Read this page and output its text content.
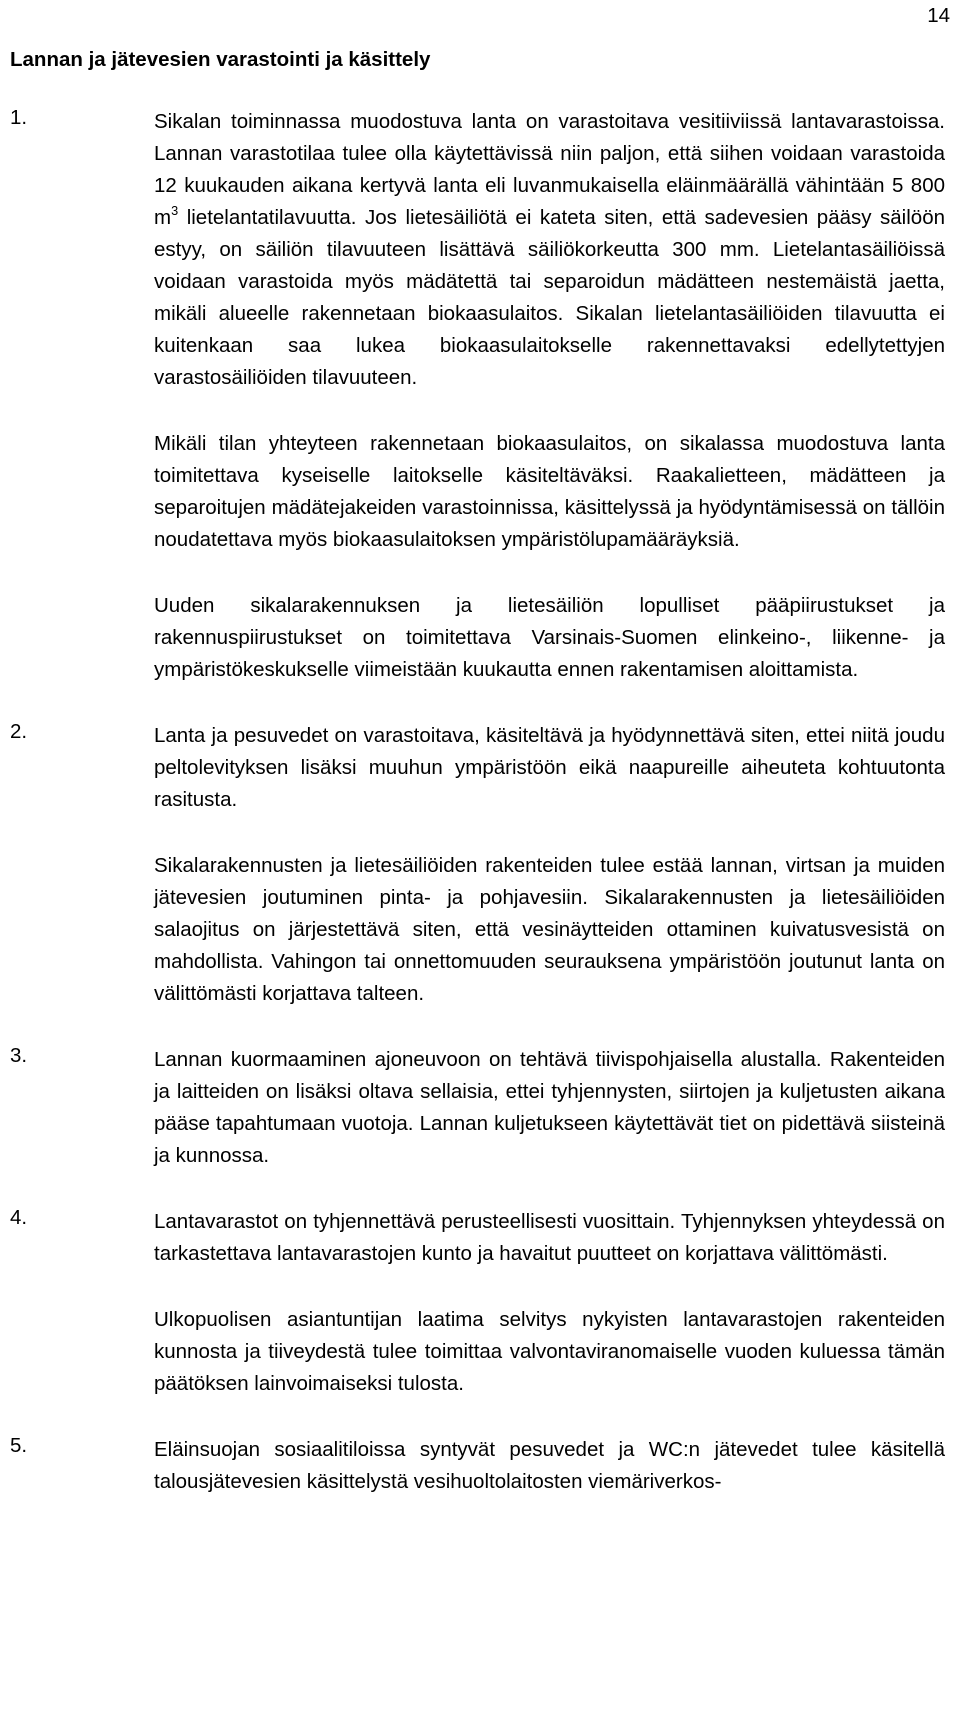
14
Lannan ja jätevesien varastointi ja käsittely
1.	Sikalan toiminnassa muodostuva lanta on varastoitava vesitiiviissä lantavarastoissa. Lannan varastotilaa tulee olla käytettävissä niin paljon, että siihen voidaan varastoida 12 kuukauden aikana kertyvä lanta eli luvanmukaisella eläinmäärällä vähintään 5 800 $m^3$ lietelantatilavuutta. Jos lietesäiliötä ei kateta siten, että sadevesien pääsy säilöön estyy, on säiliön tilavuuteen lisättävä säiliökorkeutta 300 mm. Lietelantasäiliöissä voidaan varastoida myös mädätettä tai separoidun mädätteen nestemäistä jaetta, mikäli alueelle rakennetaan biokaasulaitos. Sikalan lietelantasäiliöiden tilavuutta ei kuitenkaan saa lukea biokaasulaitokselle rakennettavaksi edellytettyjen varastosäiliöiden tilavuuteen.

Mikäli tilan yhteyteen rakennetaan biokaasulaitos, on sikalassa muodostuva lanta toimitettava kyseiselle laitokselle käsiteltäväksi. Raakalietteen, mädätteen ja separoitujen mädätejakeiden varastoinnissa, käsittelyssä ja hyödyntämisessä on tällöin noudatettava myös biokaasulaitoksen ympäristölupamääräyksiä.

Uuden sikalarakennuksen ja lietesäiliön lopulliset pääpiirustukset ja rakennuspiirustukset on toimitettava Varsinais-Suomen elinkeino-, liikenne- ja ympäristökeskukselle viimeistään kuukautta ennen rakentamisen aloittamista.

2.	Lanta ja pesuvedet on varastoitava, käsiteltävä ja hyödynnettävä siten, ettei niitä joudu peltolevityksen lisäksi muuhun ympäristöön eikä naapureille aiheuteta kohtuutonta rasitusta.

Sikalarakennusten ja lietesäiliöiden rakenteiden tulee estää lannan, virtsan ja muiden jätevesien joutuminen pinta- ja pohjavesiin. Sikalarakennusten ja lietesäiliöiden salaojitus on järjestettävä siten, että vesinäytteiden ottaminen kuivatusvesistä on mahdollista. Vahingon tai onnettomuuden seurauksena ympäristöön joutunut lanta on välittömästi korjattava talteen.

3.	Lannan kuormaaminen ajoneuvoon on tehtävä tiivispohjaisella alustalla. Rakenteiden ja laitteiden on lisäksi oltava sellaisia, ettei tyhjennysten, siirtojen ja kuljetusten aikana pääse tapahtumaan vuotoja. Lannan kuljetukseen käytettävät tiet on pidettävä siisteinä ja kunnossa.

4.	Lantavarastot on tyhjennettävä perusteellisesti vuosittain. Tyhjennyksen yhteydessä on tarkastettava lantavarastojen kunto ja havaitut puutteet on korjattava välittömästi.

Ulkopuolisen asiantuntijan laatima selvitys nykyisten lantavarastojen rakenteiden kunnosta ja tiiveydestä tulee toimittaa valvontaviranomaiselle vuoden kuluessa tämän päätöksen lainvoimaiseksi tulosta.

5.	Eläinsuojan sosiaalitiloissa syntyvät pesuvedet ja WC:n jätevedet tulee käsitellä talousjätevesien käsittelystä vesihuoltolaitosten viemäriverkos-
